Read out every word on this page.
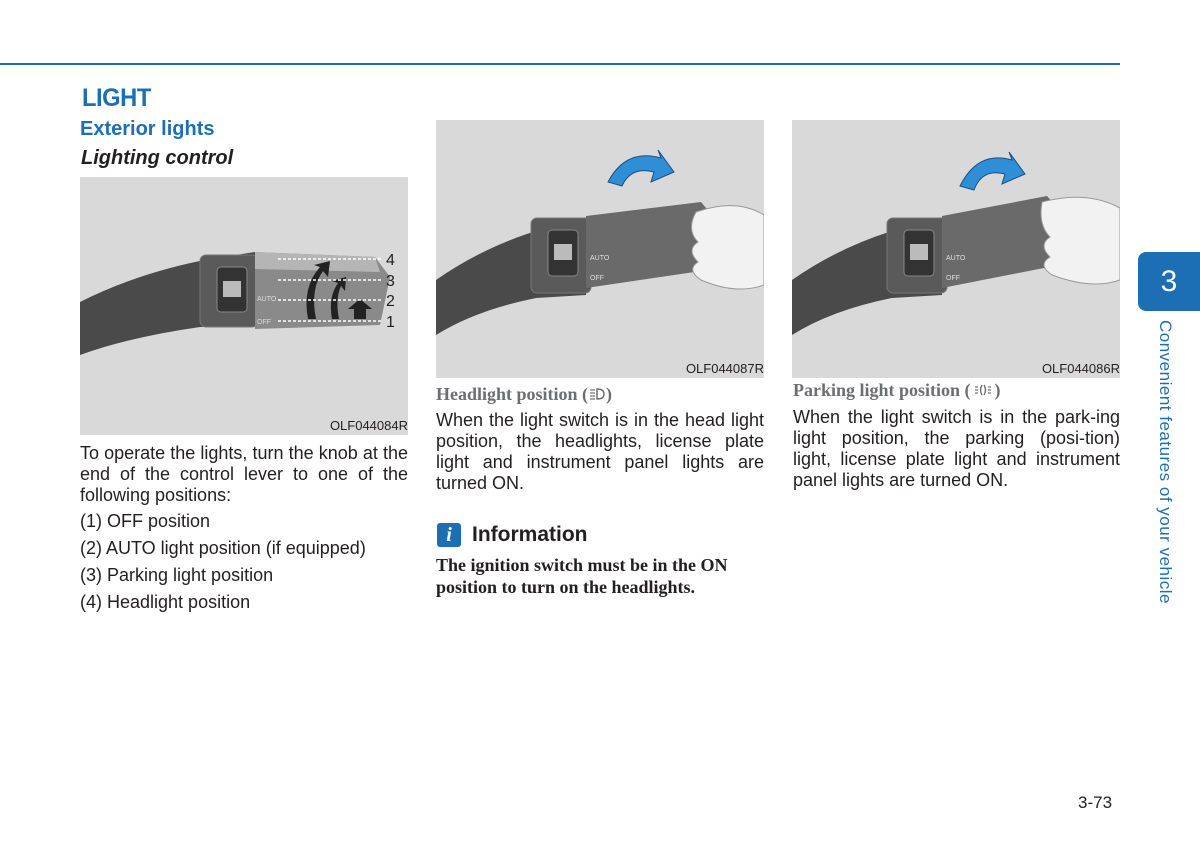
LIGHT
Exterior lights
Lighting control
AUTO
OFF
4
3
2
1
OLF044084R
AUTO
OFF
OLF044087R
AUTO
OFF
OLF044086R
To operate the lights, turn the knob at the end of the control lever to one of the following positions:
(1) OFF position
(2) AUTO light position (if equipped)
(3) Parking light position
(4) Headlight position
Headlight position ( )
When the light switch is in the head light position, the headlights, license plate light and instrument panel lights are turned ON.
i Information
The ignition switch must be in the ON position to turn on the headlights.
Parking light position ( )
When the light switch is in the park-ing light position, the parking (posi-tion) light, license plate light and instrument panel lights are turned ON.
3
Convenient features of your vehicle
3-73
